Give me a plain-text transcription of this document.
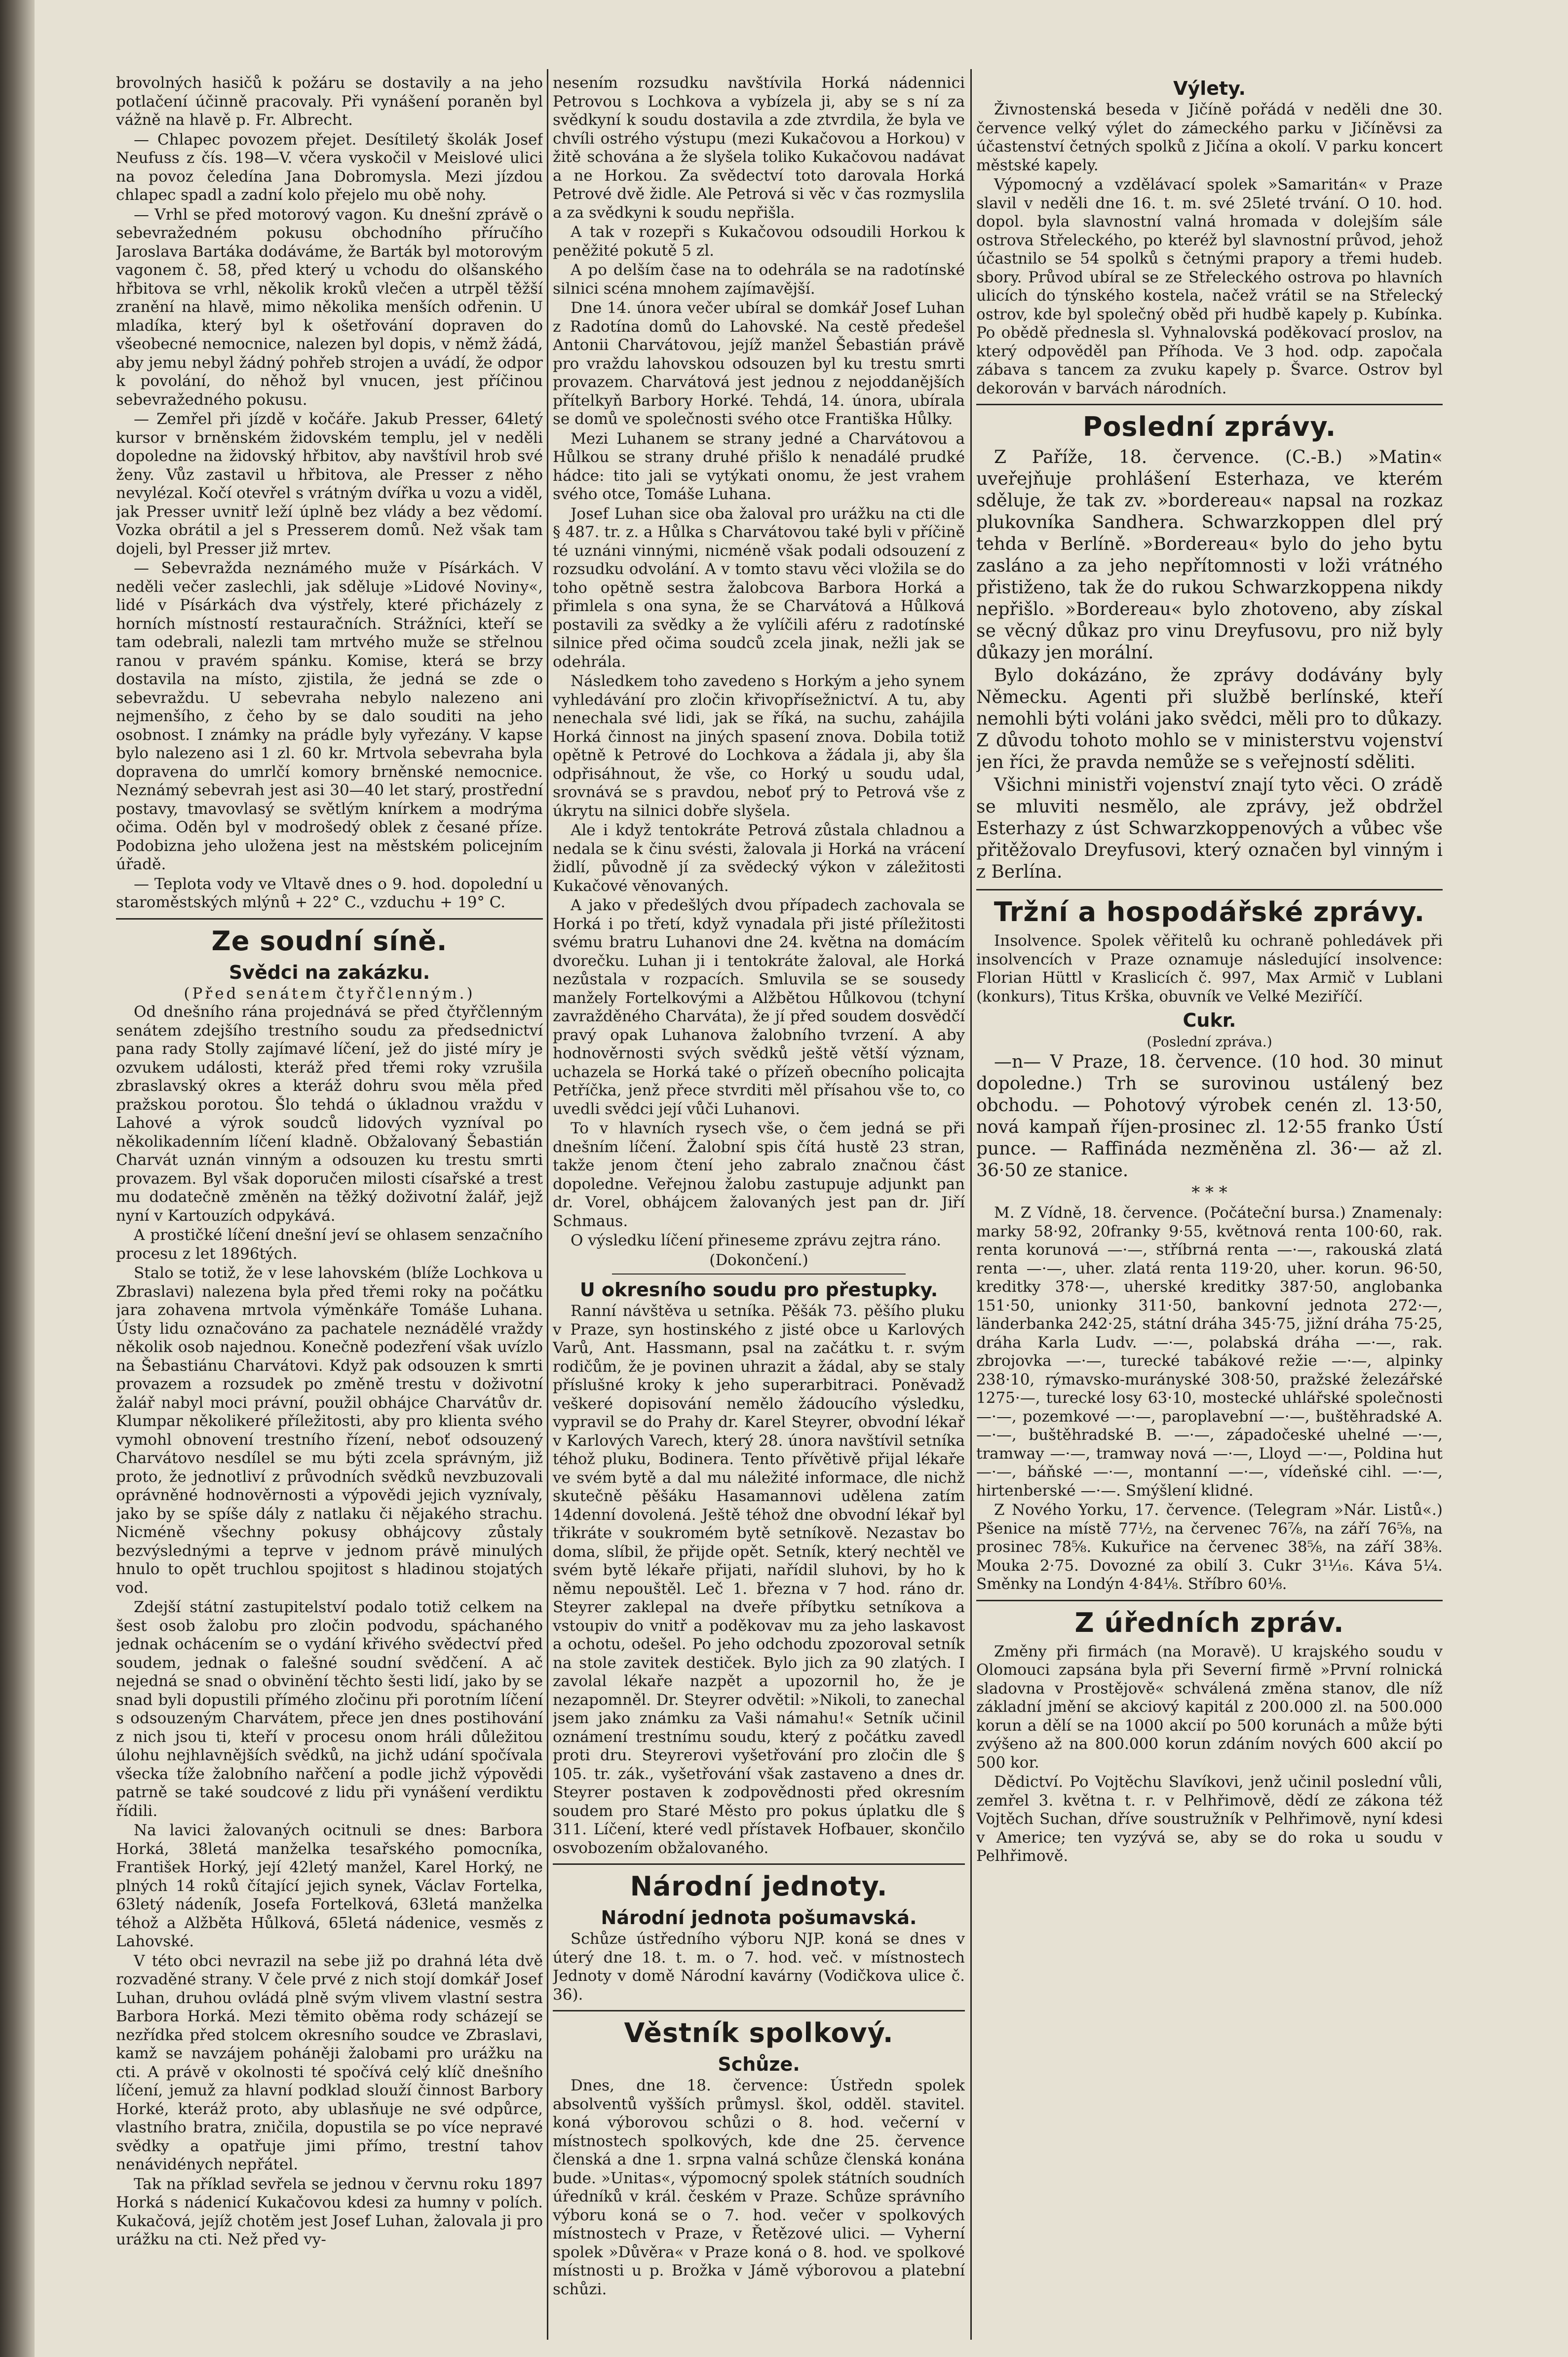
brovolných hasičů k požáru se dostavily a na jeho potlačení účinně pracovaly. Při vynášení poraněn byl vážně na hlavě p. Fr. Albrecht.

— Chlapec povozem přejet. Desítiletý školák Josef Neufuss z čís. 198—V. včera vyskočil v Meislové ulici na povoz čeledína Jana Dobromysla. Mezi jízdou chlapec spadl a zadní kolo přejelo mu obě nohy.

— Vrhl se před motorový vagon. Ku dnešní zprávě o sebevražedném pokusu obchodního příručího Jaroslava Bartáka dodáváme, že Barták byl motorovým vagonem č. 58, před který u vchodu do olšanského hřbitova se vrhl, několik kroků vlečen a utrpěl těžší zranění na hlavě, mimo několika menších odřenin. U mladíka, který byl k ošetřování dopraven do všeobecné nemocnice, nalezen byl dopis, v němž žádá, aby jemu nebyl žádný pohřeb strojen a uvádí, že odpor k povolání, do něhož byl vnucen, jest příčinou sebevražedného pokusu.

— Zemřel při jízdě v kočáře. Jakub Presser, 64letý kursor v brněnském židovském templu, jel v neděli dopoledne na židovský hřbitov, aby navštívil hrob své ženy. Vůz zastavil u hřbitova, ale Presser z něho nevylézal. Kočí otevřel s vrátným dvířka u vozu a viděl, jak Presser uvnitř leží úplně bez vlády a bez vědomí. Vozka obrátil a jel s Presserem domů. Než však tam dojeli, byl Presser již mrtev.

— Sebevražda neznámého muže v Písárkách. V neděli večer zaslechli, jak sděluje »Lidové Noviny«, lidé v Písárkách dva výstřely, které přicházely z horních místností restauračních. Strážníci, kteří se tam odebrali, nalezli tam mrtvého muže se střelnou ranou v pravém spánku. Komise, která se brzy dostavila na místo, zjistila, že jedná se zde o sebevraždu. U sebevraha nebylo nalezeno ani nejmenšího, z čeho by se dalo souditi na jeho osobnost. I známky na prádle byly vyřezány. V kapse bylo nalezeno asi 1 zl. 60 kr. Mrtvola sebevraha byla dopravena do umrlčí komory brněnské nemocnice. Neznámý sebevrah jest asi 30—40 let starý, prostřední postavy, tmavovlasý se světlým knírkem a modrýma očima. Oděn byl v modrošedý oblek z česané příze. Podobizna jeho uložena jest na městském policejním úřadě.

— Teplota vody ve Vltavě dnes o 9. hod. dopolední u staroměstských mlýnů + 22° C., vzduchu + 19° C.

Ze soudní síně.
Svědci na zakázku.
(Před senátem čtyřčlenným.)

Od dnešního rána projednává se před čtyřčlenným senátem zdejšího trestního soudu za předsednictví pana rady Stolly zajímavé líčení, jež do jisté míry je ozvukem události, kteráž před třemi roky vzrušila zbraslavský okres a kteráž dohru svou měla před pražskou porotou. Šlo tehdá o úkladnou vraždu v Lahové a výrok soudců lidových vyzníval po několikadenním líčení kladně. Obžalovaný Šebastián Charvát uznán vinným a odsouzen ku trestu smrti provazem. Byl však doporučen milosti císařské a trest mu dodatečně změněn na těžký doživotní žalář, jejž nyní v Kartouzích odpykává.

A prostičké líčení dnešní jeví se ohlasem senzačního procesu z let 1896tých.

Stalo se totiž, že v lese lahovském (blíže Lochkova u Zbraslavi) nalezena byla před třemi roky na počátku jara zohavena mrtvola výměnkáře Tomáše Luhana. Ústy lidu označováno za pachatele neznádělé vraždy několik osob najednou. Konečně podezření však uvízlo na Šebastiánu Charvátovi. Když pak odsouzen k smrti provazem a rozsudek po změně trestu v doživotní žalář nabyl moci právní, použil obhájce Charvátův dr. Klumpar několikeré příležitosti, aby pro klienta svého vymohl obnovení trestního řízení, neboť odsouzený Charvátovo nesdílel se mu býti zcela správným, již proto, že jednotliví z průvodních svědků nevzbuzovali oprávněné hodnověrnosti a výpovědi jejich vyznívaly, jako by se spíše dály z natlaku či nějakého strachu. Nicméně všechny pokusy obhájcovy zůstaly bezvýslednými a teprve v jednom právě minulých hnulo to opět truchlou spojitost s hladinou stojatých vod.

Zdejší státní zastupitelství podalo totiž celkem na šest osob žalobu pro zločin podvodu, spáchaného jednak ochácením se o vydání křivého svědectví před soudem, jednak o falešné soudní svědčení. A ač nejedná se snad o obvinění těchto šesti lidí, jako by se snad byli dopustili přímého zločinu při porotním líčení s odsouzeným Charvátem, přece jen dnes postihování z nich jsou ti, kteří v procesu onom hráli důležitou úlohu nejhlavnějších svědků, na jichž udání spočívala všecka tíže žalobního nařčení a podle jichž výpovědi patrně se také soudcové z lidu při vynášení verdiktu řídili.

Na lavici žalovaných ocitnuli se dnes: Barbora Horká, 38letá manželka tesařského pomocníka, František Horký, její 42letý manžel, Karel Horký, ne plných 14 roků čítající jejich synek, Václav Fortelka, 63letý nádeník, Josefa Fortelková, 63letá manželka téhož a Alžběta Hůlková, 65letá nádenice, vesměs z Lahovské.

V této obci nevrazil na sebe již po drahná léta dvě rozvaděné strany. V čele prvé z nich stojí domkář Josef Luhan, druhou ovládá plně svým vlivem vlastní sestra Barbora Horká. Mezi těmito oběma rody scházejí se nezřídka před stolcem okresního soudce ve Zbraslavi, kamž se navzájem poháněji žalobami pro urážku na cti. A právě v okolnosti té spočívá celý klíč dnešního líčení, jemuž za hlavní podklad slouží činnost Barbory Horké, kteráž proto, aby ublasňuje ne své odpůrce, vlastního bratra, zničila, dopustila se po více nepravé svědky a opatřuje jimi přímo, trestní tahov nenávidénych nepřátel.

Tak na příklad sevřela se jednou v červnu roku 1897 Horká s nádenicí Kukačovou kdesi za humny v polích. Kukačová, jejíž chotěm jest Josef Luhan, žalovala ji pro urážku na cti. Než před vy-

nesením rozsudku navštívila Horká nádennici Petrovou s Lochkova a vybízela ji, aby se s ní za svědkyní k soudu dostavila a zde ztvrdila, že byla ve chvíli ostrého výstupu (mezi Kukačovou a Horkou) v žitě schována a že slyšela toliko Kukačovou nadávat a ne Horkou. Za svědectví toto darovala Horká Petrové dvě židle. Ale Petrová si věc v čas rozmyslila a za svědkyni k soudu nepřišla.

A tak v rozepři s Kukačovou odsoudili Horkou k peněžité pokutě 5 zl.

A po delším čase na to odehrála se na radotínské silnici scéna mnohem zajímavější.

Dne 14. února večer ubíral se domkář Josef Luhan z Radotína domů do Lahovské. Na cestě předešel Antonii Charvátovou, jejíž manžel Šebastián právě pro vraždu lahovskou odsouzen byl ku trestu smrti provazem. Charvátová jest jednou z nejoddanějších přítelkyň Barbory Horké. Tehdá, 14. února, ubírala se domů ve společnosti svého otce Františka Hůlky.

Mezi Luhanem se strany jedné a Charvátovou a Hůlkou se strany druhé přišlo k nenadálé prudké hádce: tito jali se vytýkati onomu, že jest vrahem svého otce, Tomáše Luhana.

Josef Luhan sice oba žaloval pro urážku na cti dle § 487. tr. z. a Hůlka s Charvátovou také byli v příčině té uznáni vinnými, nicméně však podali odsouzení z rozsudku odvolání. A v tomto stavu věci vložila se do toho opětně sestra žalobcova Barbora Horká a přimlela s ona syna, že se Charvátová a Hůlková postavili za svědky a že vylíčili aféru z radotínské silnice před očima soudců zcela jinak, nežli jak se odehrála.

Následkem toho zavedeno s Horkým a jeho synem vyhledávání pro zločin křivopřísežnictví. A tu, aby nenechala své lidi, jak se říká, na suchu, zahájila Horká činnost na jiných spasení znova. Dobila totiž opětně k Petrové do Lochkova a žádala ji, aby šla odpřisáhnout, že vše, co Horký u soudu udal, srovnává se s pravdou, neboť prý to Petrová vše z úkrytu na silnici dobře slyšela.

Ale i když tentokráte Petrová zůstala chladnou a nedala se k činu svésti, žalovala ji Horká na vrácení židlí, původně jí za svědecký výkon v záležitosti Kukačové věnovaných.

A jako v předešlých dvou případech zachovala se Horká i po třetí, když vynadala při jisté příležitosti svému bratru Luhanovi dne 24. května na domácím dvorečku. Luhan ji i tentokráte žaloval, ale Horká nezůstala v rozpacích. Smluvila se se sousedy manžely Fortelkovými a Alžbětou Hůlkovou (tchyní zavražděného Charváta), že jí před soudem dosvědčí pravý opak Luhanova žalobního tvrzení. A aby hodnověrnosti svých svědků ještě větší význam, uchazela se Horká také o přízeň obecního policajta Petříčka, jenž přece stvrditi měl přísahou vše to, co uvedli svědci její vůči Luhanovi.

To v hlavních rysech vše, o čem jedná se při dnešním líčení. Žalobní spis čítá hustě 23 stran, takže jenom čtení jeho zabralo značnou část dopoledne. Veřejnou žalobu zastupuje adjunkt pan dr. Vorel, obhájcem žalovaných jest pan dr. Jiří Schmaus.

O výsledku líčení přineseme zprávu zejtra ráno.

(Dokončení.)
U okresního soudu pro přestupky.

Ranní návštěva u setníka. Pěšák 73. pěšího pluku v Praze, syn hostinského z jisté obce u Karlových Varů, Ant. Hassmann, psal na začátku t. r. svým rodičům, že je povinen uhrazit a žádal, aby se staly příslušné kroky k jeho superarbitraci. Poněvadž veškeré dopisování nemělo žádoucího výsledku, vypravil se do Prahy dr. Karel Steyrer, obvodní lékař v Karlových Varech, který 28. února navštívil setníka téhož pluku, Bodinera. Tento přívětivě přijal lékaře ve svém bytě a dal mu náležité informace, dle nichž skutečně pěšáku Hasamannovi udělena zatím 14denní dovolená. Ještě téhož dne obvodní lékař byl třikráte v soukromém bytě setníkově. Nezastav bo doma, slíbil, že přijde opět. Setník, který nechtěl ve svém bytě lékaře přijati, nařídil sluhovi, by ho k němu nepouštěl. Leč 1. března v 7 hod. ráno dr. Steyrer zaklepal na dveře příbytku setníkova a vstoupiv do vnitř a poděkovav mu za jeho laskavost a ochotu, odešel. Po jeho odchodu zpozoroval setník na stole zavitek destiček. Bylo jich za 90 zlatých. I zavolal lékaře nazpět a upozornil ho, že je nezapomněl. Dr. Steyrer odvětil: »Nikoli, to zanechal jsem jako známku za Vaši námahu!« Setník učinil oznámení trestnímu soudu, který z počátku zavedl proti dru. Steyrerovi vyšetřování pro zločin dle § 105. tr. zák., vyšetřování však zastaveno a dnes dr. Steyrer postaven k zodpovědnosti před okresním soudem pro Staré Město pro pokus úplatku dle § 311. Líčení, které vedl přístavek Hofbauer, skončilo osvobozením obžalovaného.

Národní jednoty.
Národní jednota pošumavská.

Schůze ústředního výboru NJP. koná se dnes v úterý dne 18. t. m. o 7. hod. več. v místnostech Jednoty v domě Národní kavárny (Vodičkova ulice č. 36).

Věstník spolkový.
Schůze.

Dnes, dne 18. července: Ústředn spolek absolventů vyšších průmysl. škol, odděl. stavitel. koná výborovou schůzi o 8. hod. večerní v místnostech spolkových, kde dne 25. července členská a dne 1. srpna valná schůze členská konána bude. »Unitas«, výpomocný spolek státních soudních úředníků v král. českém v Praze. Schůze správního výboru koná se o 7. hod. večer v spolkových místnostech v Praze, v Řetězové ulici. — Vyherní spolek »Důvěra« v Praze koná o 8. hod. ve spolkové místnosti u p. Brožka v Jámě výborovou a platební schůzi.

Výlety.

Živnostenská beseda v Jičíně pořádá v neděli dne 30. července velký výlet do zámeckého parku v Jičíněvsi za účastenství četných spolků z Jičína a okolí. V parku koncert městské kapely.

Výpomocný a vzdělávací spolek »Samaritán« v Praze slavil v neděli dne 16. t. m. své 25leté trvání. O 10. hod. dopol. byla slavnostní valná hromada v dolejším sále ostrova Střeleckého, po kteréž byl slavnostní průvod, jehož účastnilo se 54 spolků s četnými prapory a třemi hudeb. sbory. Průvod ubíral se ze Střeleckého ostrova po hlavních ulicích do týnského kostela, načež vrátil se na Střelecký ostrov, kde byl společný oběd při hudbě kapely p. Kubínka. Po obědě přednesla sl. Vyhnalovská poděkovací proslov, na který odpověděl pan Příhoda. Ve 3 hod. odp. započala zábava s tancem za zvuku kapely p. Švarce. Ostrov byl dekorován v barvách národních.

Poslední zprávy.

Z Paříže, 18. července. (C.-B.) »Matin« uveřejňuje prohlášení Esterhaza, ve kterém sděluje, že tak zv. »bordereau« napsal na rozkaz plukovníka Sandhera. Schwarzkoppen dlel prý tehda v Berlíně. »Bordereau« bylo do jeho bytu zasláno a za jeho nepřítomnosti v loži vrátného přistiženo, tak že do rukou Schwarzkoppena nikdy nepřišlo. »Bordereau« bylo zhotoveno, aby získal se věcný důkaz pro vinu Dreyfusovu, pro niž byly důkazy jen morální.

Bylo dokázáno, že zprávy dodávány byly Německu. Agenti při službě berlínské, kteří nemohli býti voláni jako svědci, měli pro to důkazy. Z důvodu tohoto mohlo se v ministerstvu vojenství jen říci, že pravda nemůže se s veřejností sděliti.

Všichni ministři vojenství znají tyto věci. O zrádě se mluviti nesmělo, ale zprávy, jež obdržel Esterhazy z úst Schwarzkoppenových a vůbec vše přitěžovalo Dreyfusovi, který označen byl vinným i z Berlína.

Tržní a hospodářské zprávy.

Insolvence. Spolek věřitelů ku ochraně pohledávek při insolvencích v Praze oznamuje následující insolvence: Florian Hüttl v Kraslicích č. 997, Max Armič v Lublani (konkurs), Titus Krška, obuvník ve Velké Meziříčí.

Cukr.
(Poslední zpráva.)

—n— V Praze, 18. července. (10 hod. 30 minut dopoledne.) Trh se surovinou ustálený bez obchodu. — Pohotový výrobek cenén zl. 13·50, nová kampaň říjen-prosinec zl. 12·55 franko Ústí punce. — Raffináda nezměněna zl. 36·— až zl. 36·50 ze stanice.

* * *

M. Z Vídně, 18. července. (Počáteční bursa.) Znamenaly: marky 58·92, 20franky 9·55, květnová renta 100·60, rak. renta korunová —·—, stříbrná renta —·—, rakouská zlatá renta —·—, uher. zlatá renta 119·20, uher. korun. 96·50, kreditky 378·—, uherské kreditky 387·50, anglobanka 151·50, unionky 311·50, bankovní jednota 272·—, länderbanka 242·25, státní dráha 345·75, jižní dráha 75·25, dráha Karla Ludv. —·—, polabská dráha —·—, rak. zbrojovka —·—, turecké tabákové režie —·—, alpinky 238·10, rýmavsko-murányské 308·50, pražské železářské 1275·—, turecké losy 63·10, mostecké uhlářské společnosti —·—, pozemkové —·—, paroplavební —·—, buštěhradské A. —·—, buštěhradské B. —·—, západočeské uhelné —·—, tramway —·—, tramway nová —·—, Lloyd —·—, Poldina hut —·—, báňské —·—, montanní —·—, vídeňské cihl. —·—, hirtenberské —·—. Smýšlení klidné.

Z Nového Yorku, 17. července. (Telegram »Nár. Listů«.) Pšenice na místě 77½, na červenec 76⅞, na září 76⅝, na prosinec 78⅝. Kukuřice na červenec 38⅝, na září 38⅜. Mouka 2·75. Dovozné za obilí 3. Cukr 3¹¹⁄₁₆. Káva 5¼. Směnky na Londýn 4·84⅛. Stříbro 60⅛.

Z úředních zpráv.

Změny při firmách (na Moravě). U krajského soudu v Olomouci zapsána byla při Severní firmě »První rolnická sladovna v Prostějově« schválená změna stanov, dle níž základní jmění se akciový kapitál z 200.000 zl. na 500.000 korun a dělí se na 1000 akcií po 500 korunách a může býti zvýšeno až na 800.000 korun zdáním nových 600 akcií po 500 kor.

Dědictví. Po Vojtěchu Slavíkovi, jenž učinil poslední vůli, zemřel 3. května t. r. v Pelhřimově, dědí ze zákona též Vojtěch Suchan, dříve soustružník v Pelhřimově, nyní kdesi v Americe; ten vyzývá se, aby se do roka u soudu v Pelhřimově.
